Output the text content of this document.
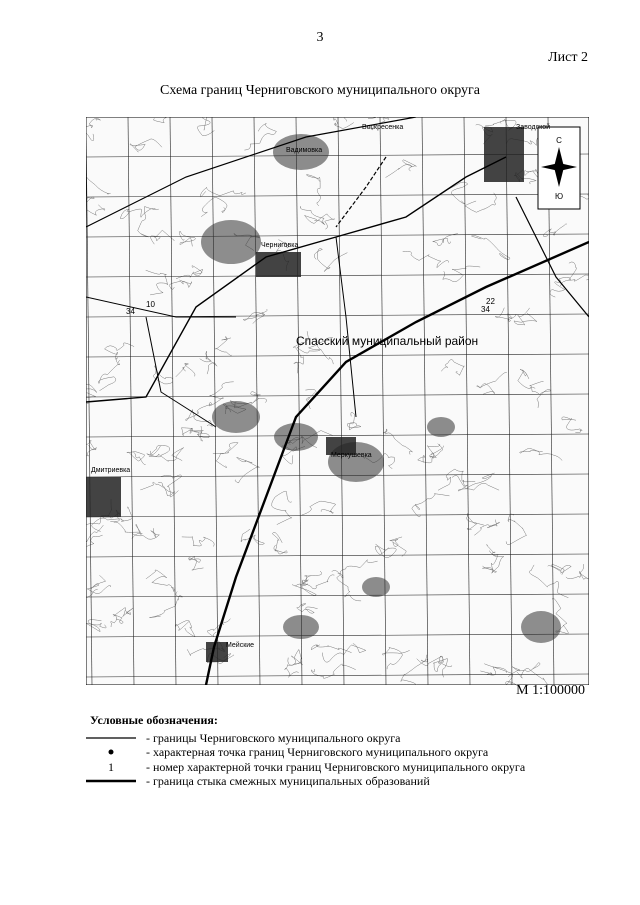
3
Лист 2
Схема границ Черниговского муниципального округа
С
Ю
34
22
34
10
Воскресенка	Заводской
Черниговка
Меркушевка
Вадимовка
Мейские
Дмитриевка
Спасский муниципальный район
М 1:100000
Условные обозначения:
- границы Черниговского муниципального округа
- характерная точка границ Черниговского муниципального округа
1	- номер характерной точки границ Черниговского муниципального округа
- граница стыка смежных муниципальных образований
